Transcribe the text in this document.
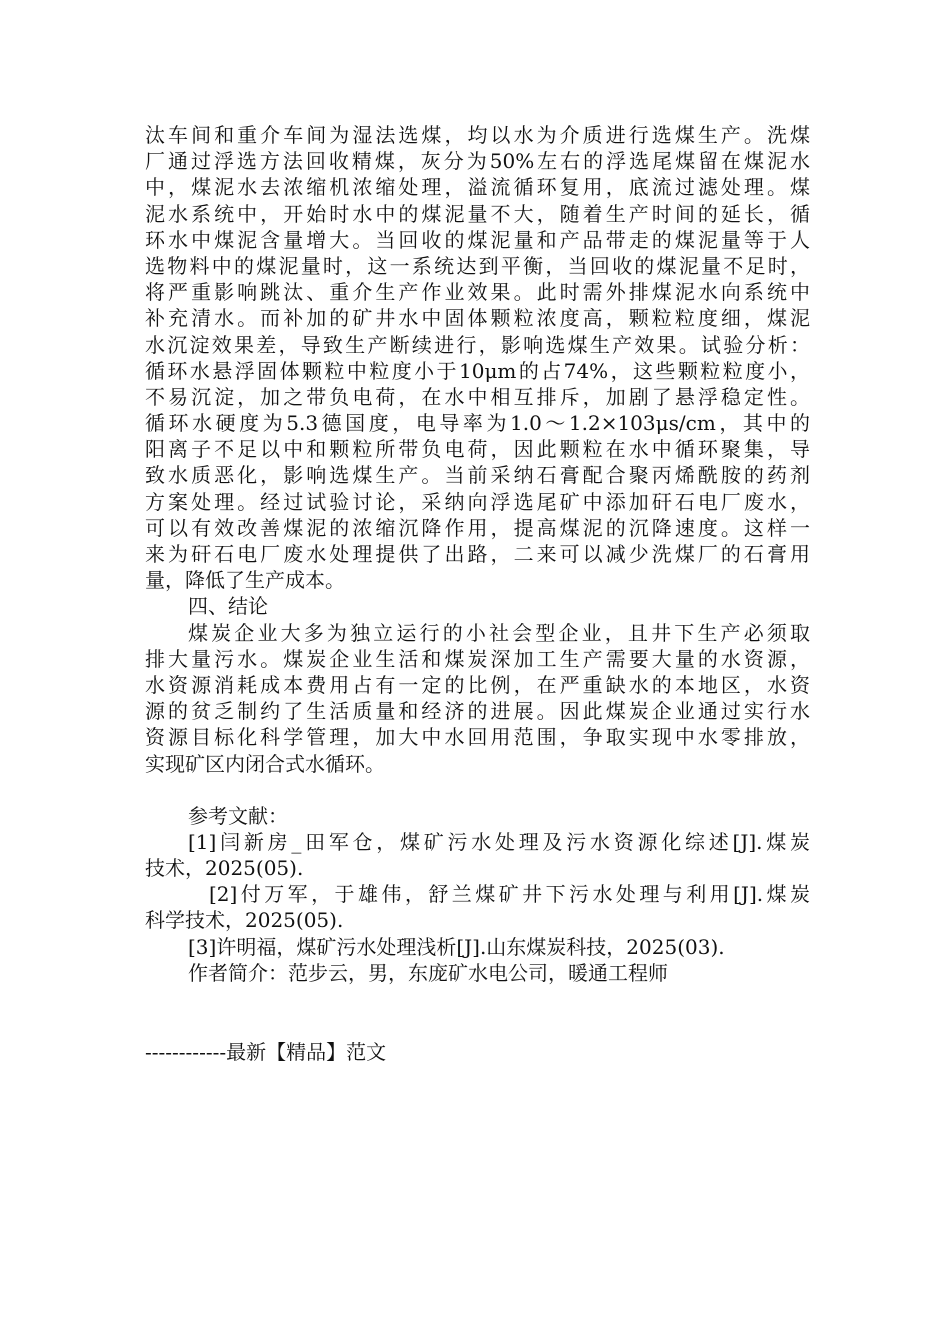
汰车间和重介车间为湿法选煤，均以水为介质进行选煤生产。洗煤
厂通过浮选方法回收精煤，灰分为50%左右的浮选尾煤留在煤泥水
中，煤泥水去浓缩机浓缩处理，溢流循环复用，底流过滤处理。煤
泥水系统中，开始时水中的煤泥量不大，随着生产时间的延长，循
环水中煤泥含量增大。当回收的煤泥量和产品带走的煤泥量等于人
选物料中的煤泥量时，这一系统达到平衡，当回收的煤泥量不足时，
将严重影响跳汰、重介生产作业效果。此时需外排煤泥水向系统中
补充清水。而补加的矿井水中固体颗粒浓度高，颗粒粒度细，煤泥
水沉淀效果差，导致生产断续进行，影响选煤生产效果。试验分析：
循环水悬浮固体颗粒中粒度小于10μm的占74%，这些颗粒粒度小，
不易沉淀，加之带负电荷，在水中相互排斥，加剧了悬浮稳定性。
循环水硬度为5.3德国度，电导率为1.0～1.2×103μs/cm，其中的
阳离子不足以中和颗粒所带负电荷，因此颗粒在水中循环聚集，导
致水质恶化，影响选煤生产。当前采纳石膏配合聚丙烯酰胺的药剂
方案处理。经过试验讨论，采纳向浮选尾矿中添加矸石电厂废水，
可以有效改善煤泥的浓缩沉降作用，提高煤泥的沉降速度。这样一
来为矸石电厂废水处理提供了出路，二来可以减少洗煤厂的石膏用
量，降低了生产成本。
四、结论
煤炭企业大多为独立运行的小社会型企业，且井下生产必须取
排大量污水。煤炭企业生活和煤炭深加工生产需要大量的水资源，
水资源消耗成本费用占有一定的比例，在严重缺水的本地区，水资
源的贫乏制约了生活质量和经济的进展。因此煤炭企业通过实行水
资源目标化科学管理，加大中水回用范围，争取实现中水零排放，
实现矿区内闭合式水循环。
参考文献：
[1]闫新房_田军仓，煤矿污水处理及污水资源化综述[J].煤炭
技术，2025(05).
[2]付万军，于雄伟，舒兰煤矿井下污水处理与利用[J].煤炭
科学技术，2025(05).
[3]许明福，煤矿污水处理浅析[J].山东煤炭科技，2025(03).
作者简介：范步云，男，东庞矿水电公司，暖通工程师
------------最新【精品】范文
